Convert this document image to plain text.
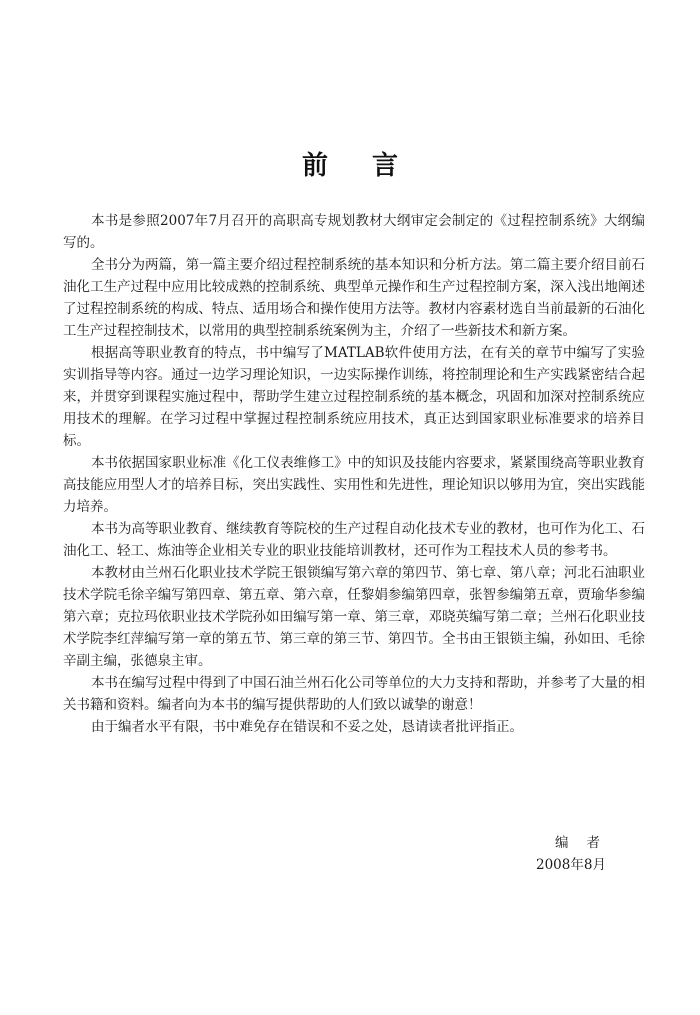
前言

本书是参照2007年7月召开的高职高专规划教材大纲审定会制定的《过程控制系统》大纲编写的。

全书分为两篇，第一篇主要介绍过程控制系统的基本知识和分析方法。第二篇主要介绍目前石油化工生产过程中应用比较成熟的控制系统、典型单元操作和生产过程控制方案，深入浅出地阐述了过程控制系统的构成、特点、适用场合和操作使用方法等。教材内容素材选自当前最新的石油化工生产过程控制技术，以常用的典型控制系统案例为主，介绍了一些新技术和新方案。

根据高等职业教育的特点，书中编写了MATLAB软件使用方法，在有关的章节中编写了实验实训指导等内容。通过一边学习理论知识，一边实际操作训练，将控制理论和生产实践紧密结合起来，并贯穿到课程实施过程中，帮助学生建立过程控制系统的基本概念，巩固和加深对控制系统应用技术的理解。在学习过程中掌握过程控制系统应用技术，真正达到国家职业标准要求的培养目标。

本书依据国家职业标准《化工仪表维修工》中的知识及技能内容要求，紧紧围绕高等职业教育高技能应用型人才的培养目标，突出实践性、实用性和先进性，理论知识以够用为宜，突出实践能力培养。

本书为高等职业教育、继续教育等院校的生产过程自动化技术专业的教材，也可作为化工、石油化工、轻工、炼油等企业相关专业的职业技能培训教材，还可作为工程技术人员的参考书。

本教材由兰州石化职业技术学院王银锁编写第六章的第四节、第七章、第八章；河北石油职业技术学院毛徐辛编写第四章、第五章、第六章，任黎娟参编第四章，张智参编第五章，贾瑜华参编第六章；克拉玛依职业技术学院孙如田编写第一章、第三章，邓晓英编写第二章；兰州石化职业技术学院李红萍编写第一章的第五节、第三章的第三节、第四节。全书由王银锁主编，孙如田、毛徐辛副主编，张德泉主审。

本书在编写过程中得到了中国石油兰州石化公司等单位的大力支持和帮助，并参考了大量的相关书籍和资料。编者向为本书的编写提供帮助的人们致以诚挚的谢意！

由于编者水平有限，书中难免存在错误和不妥之处，恳请读者批评指正。

编者
2008年8月
